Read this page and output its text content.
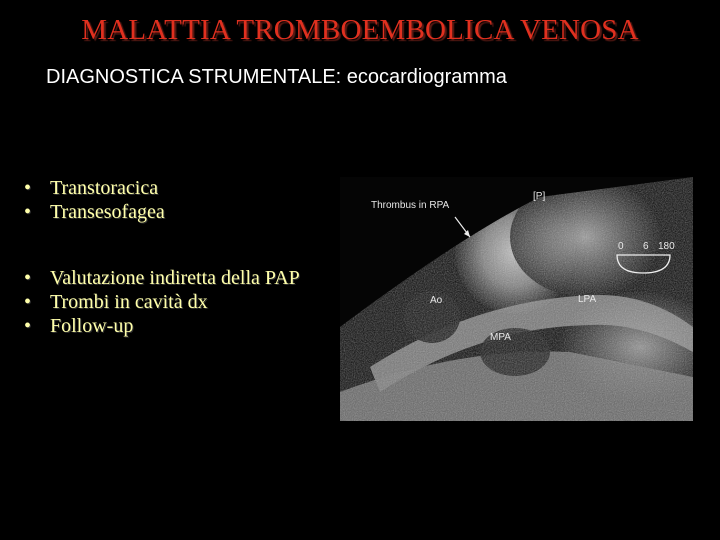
MALATTIA TROMBOEMBOLICA VENOSA
DIAGNOSTICA STRUMENTALE: ecocardiogramma
• Transtoracica
• Transesofagea
• Valutazione indiretta della PAP
• Trombi in cavità dx
• Follow-up
0 6 180
Thrombus in RPA
[P]
Ao	LPA
MPA
